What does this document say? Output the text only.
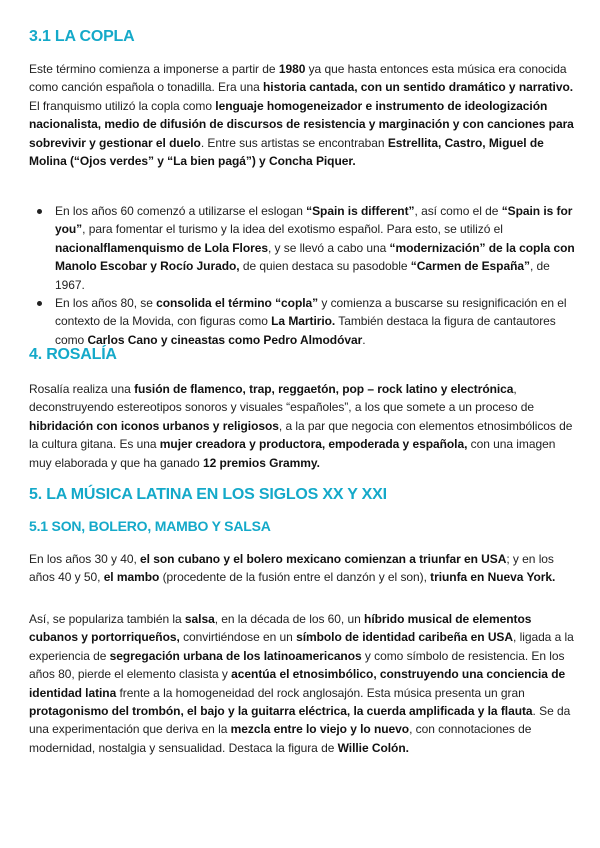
3.1 LA COPLA
Este término comienza a imponerse a partir de 1980 ya que hasta entonces esta música era conocida como canción española o tonadilla. Era una historia cantada, con un sentido dramático y narrativo. El franquismo utilizó la copla como lenguaje homogeneizador e instrumento de ideologización nacionalista, medio de difusión de discursos de resistencia y marginación y con canciones para sobrevivir y gestionar el duelo. Entre sus artistas se encontraban Estrellita, Castro, Miguel de Molina (“Ojos verdes” y “La bien pagá”) y Concha Piquer.
En los años 60 comenzó a utilizarse el eslogan “Spain is different”, así como el de “Spain is for you”, para fomentar el turismo y la idea del exotismo español. Para esto, se utilizó el nacionalflamenquismo de Lola Flores, y se llevó a cabo una “modernización” de la copla con Manolo Escobar y Rocío Jurado, de quien destaca su pasodoble “Carmen de España”, de 1967.
En los años 80, se consolida el término “copla” y comienza a buscarse su resignificación en el contexto de la Movida, con figuras como La Martirio. También destaca la figura de cantautores como Carlos Cano y cineastas como Pedro Almodóvar.
4. ROSALÍA
Rosalía realiza una fusión de flamenco, trap, reggaetón, pop – rock latino y electrónica, deconstruyendo estereotipos sonoros y visuales “españoles”, a los que somete a un proceso de hibridación con iconos urbanos y religiosos, a la par que negocia con elementos etnosimbólicos de la cultura gitana. Es una mujer creadora y productora, empoderada y española, con una imagen muy elaborada y que ha ganado 12 premios Grammy.
5. LA MÚSICA LATINA EN LOS SIGLOS XX Y XXI
5.1 SON, BOLERO, MAMBO Y SALSA
En los años 30 y 40, el son cubano y el bolero mexicano comienzan a triunfar en USA; y en los años 40 y 50, el mambo (procedente de la fusión entre el danzón y el son), triunfa en Nueva York.
Así, se populariza también la salsa, en la década de los 60, un híbrido musical de elementos cubanos y portorriqueños, convirtiéndose en un símbolo de identidad caribeña en USA, ligada a la experiencia de segregación urbana de los latinoamericanos y como símbolo de resistencia. En los años 80, pierde el elemento clasista y acentúa el etnosimbólico, construyendo una conciencia de identidad latina frente a la homogeneidad del rock anglosajón. Esta música presenta un gran protagonismo del trombón, el bajo y la guitarra eléctrica, la cuerda amplificada y la flauta. Se da una experimentación que deriva en la mezcla entre lo viejo y lo nuevo, con connotaciones de modernidad, nostalgia y sensualidad. Destaca la figura de Willie Colón.
